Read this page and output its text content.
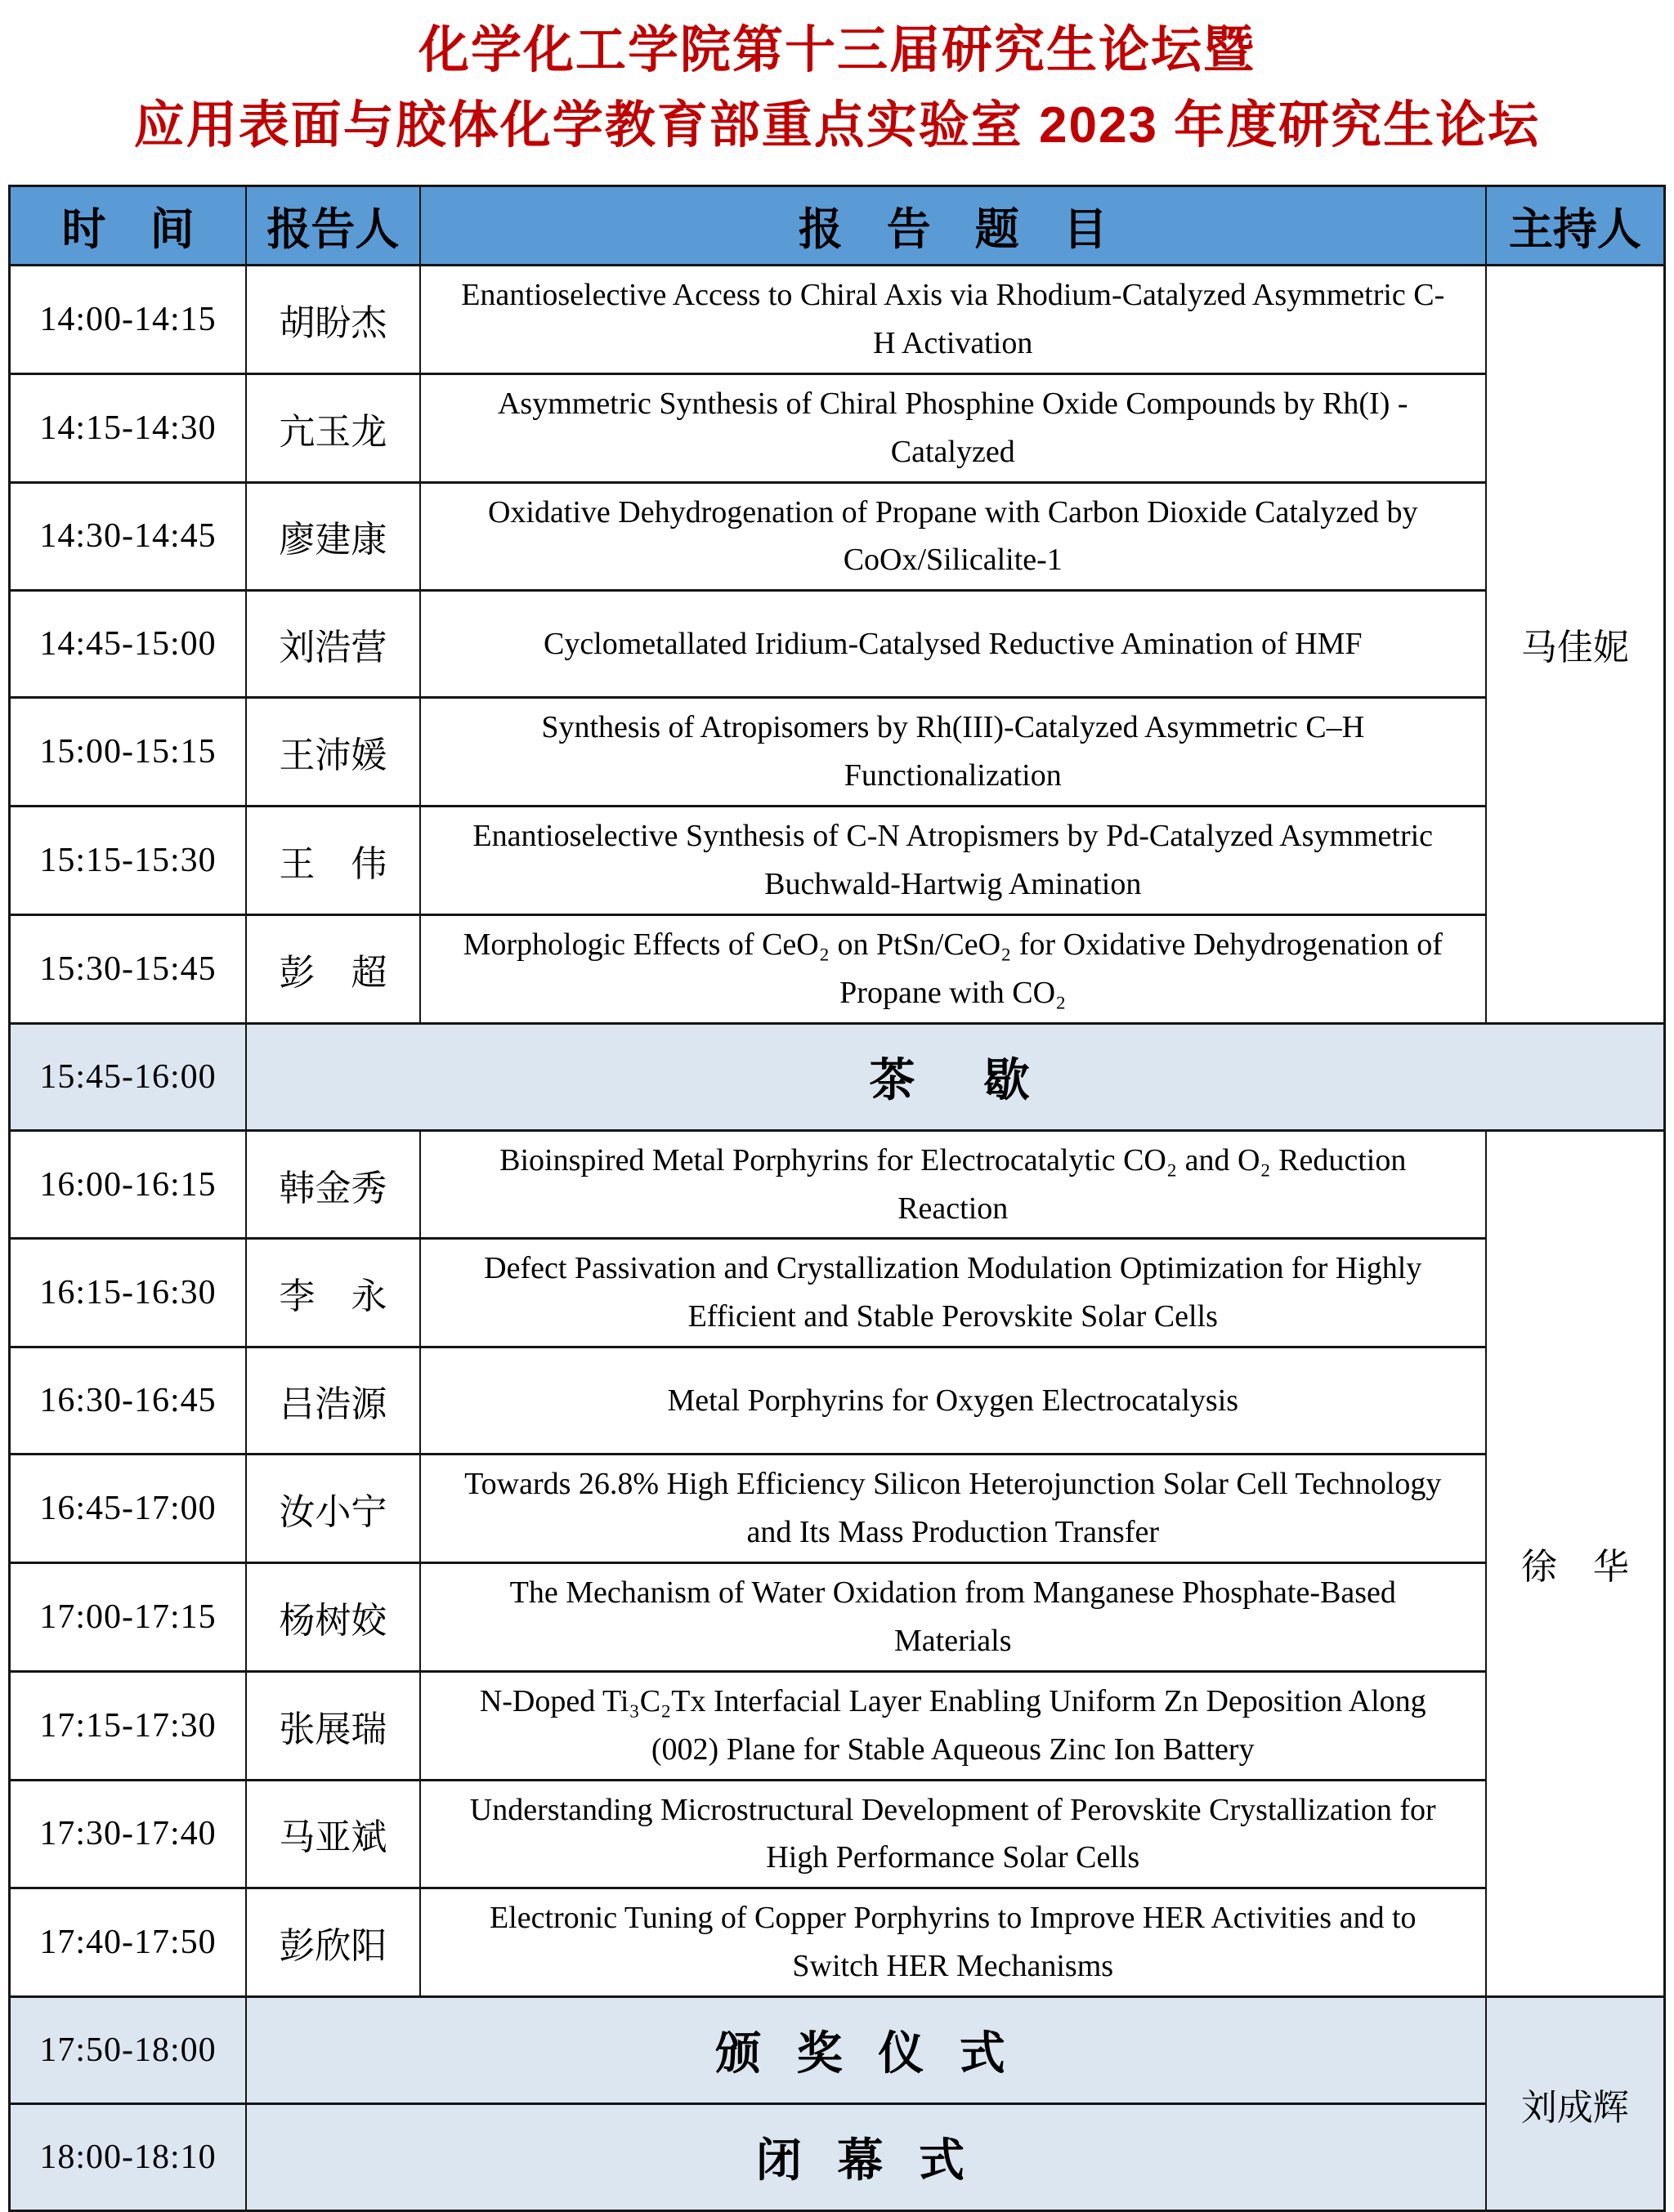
化学化工学院第十三届研究生论坛暨
应用表面与胶体化学教育部重点实验室 2023 年度研究生论坛
时　间	报告人	报　告　题　目	主持人
14:00-14:15	胡盼杰	Enantioselective Access to Chiral Axis via Rhodium-Catalyzed Asymmetric C-H Activation	马佳妮
14:15-14:30	亢玉龙	Asymmetric Synthesis of Chiral Phosphine Oxide Compounds by Rh(I) - Catalyzed	
14:30-14:45	廖建康	Oxidative Dehydrogenation of Propane with Carbon Dioxide Catalyzed by CoOx/Silicalite-1	
14:45-15:00	刘浩营	Cyclometallated Iridium-Catalysed Reductive Amination of HMF	
15:00-15:15	王沛媛	Synthesis of Atropisomers by Rh(III)-Catalyzed Asymmetric C–H Functionalization	
15:15-15:30	王　伟	Enantioselective Synthesis of C-N Atropismers by Pd-Catalyzed Asymmetric Buchwald-Hartwig Amination	
15:30-15:45	彭　超	Morphologic Effects of CeO₂ on PtSn/CeO₂ for Oxidative Dehydrogenation of Propane with CO₂	
15:45-16:00	茶　歇		
16:00-16:15	韩金秀	Bioinspired Metal Porphyrins for Electrocatalytic CO₂ and O₂ Reduction Reaction	徐　华
16:15-16:30	李　永	Defect Passivation and Crystallization Modulation Optimization for Highly Efficient and Stable Perovskite Solar Cells	
16:30-16:45	吕浩源	Metal Porphyrins for Oxygen Electrocatalysis	
16:45-17:00	汝小宁	Towards 26.8% High Efficiency Silicon Heterojunction Solar Cell Technology and Its Mass Production Transfer	
17:00-17:15	杨树姣	The Mechanism of Water Oxidation from Manganese Phosphate-Based Materials	
17:15-17:30	张展瑞	N-Doped Ti₃C₂Tx Interfacial Layer Enabling Uniform Zn Deposition Along (002) Plane for Stable Aqueous Zinc Ion Battery	
17:30-17:40	马亚斌	Understanding Microstructural Development of Perovskite Crystallization for High Performance Solar Cells	
17:40-17:50	彭欣阳	Electronic Tuning of Copper Porphyrins to Improve HER Activities and to Switch HER Mechanisms	
17:50-18:00	颁 奖 仪 式		刘成辉
18:00-18:10	闭 幕 式		
